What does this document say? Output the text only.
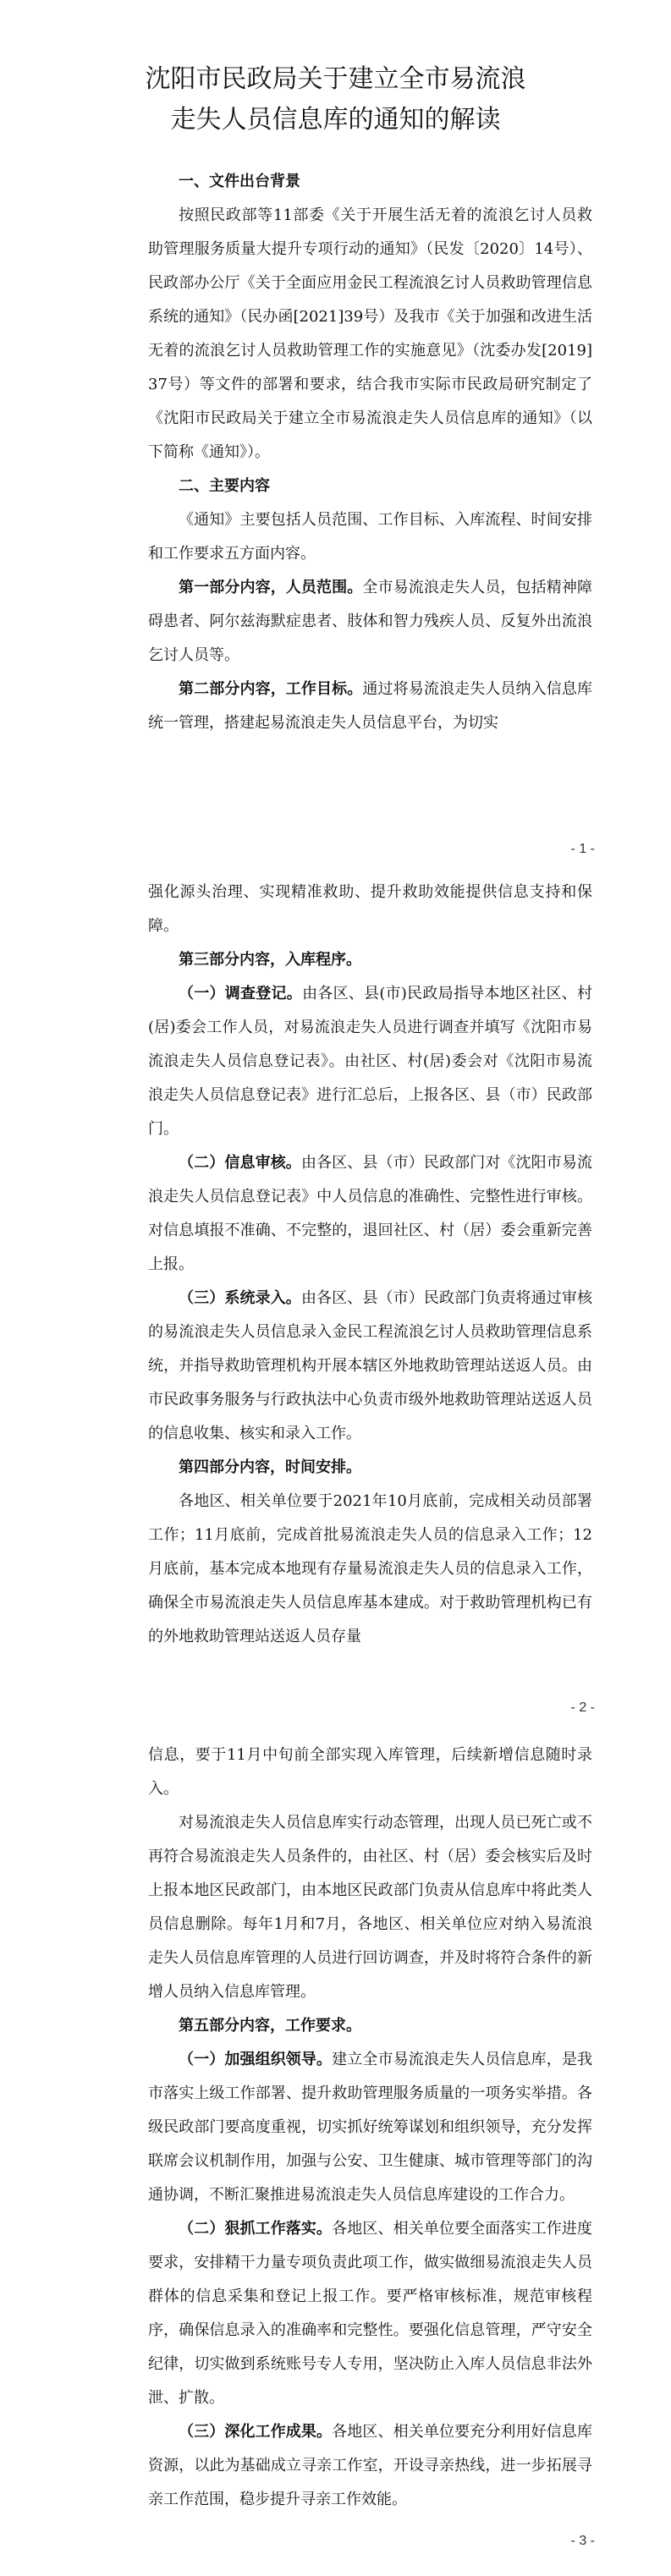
沈阳市民政局关于建立全市易流浪
走失人员信息库的通知的解读
一、文件出台背景

按照民政部等11部委《关于开展生活无着的流浪乞讨人员救助管理服务质量大提升专项行动的通知》（民发〔2020〕14号）、民政部办公厅《关于全面应用金民工程流浪乞讨人员救助管理信息系统的通知》（民办函[2021]39号）及我市《关于加强和改进生活无着的流浪乞讨人员救助管理工作的实施意见》（沈委办发[2019] 37号）等文件的部署和要求，结合我市实际市民政局研究制定了《沈阳市民政局关于建立全市易流浪走失人员信息库的通知》（以下简称《通知》）。

二、主要内容

《通知》主要包括人员范围、工作目标、入库流程、时间安排和工作要求五方面内容。

第一部分内容，人员范围。全市易流浪走失人员，包括精神障碍患者、阿尔兹海默症患者、肢体和智力残疾人员、反复外出流浪乞讨人员等。

第二部分内容，工作目标。通过将易流浪走失人员纳入信息库统一管理，搭建起易流浪走失人员信息平台，为切实

- 1 -

强化源头治理、实现精准救助、提升救助效能提供信息支持和保障。

第三部分内容，入库程序。

（一）调查登记。由各区、县(市)民政局指导本地区社区、村(居)委会工作人员，对易流浪走失人员进行调查并填写《沈阳市易流浪走失人员信息登记表》。由社区、村(居)委会对《沈阳市易流浪走失人员信息登记表》进行汇总后，上报各区、县（市）民政部门。

（二）信息审核。由各区、县（市）民政部门对《沈阳市易流浪走失人员信息登记表》中人员信息的准确性、完整性进行审核。对信息填报不准确、不完整的，退回社区、村（居）委会重新完善上报。

（三）系统录入。由各区、县（市）民政部门负责将通过审核的易流浪走失人员信息录入金民工程流浪乞讨人员救助管理信息系统，并指导救助管理机构开展本辖区外地救助管理站送返人员。由市民政事务服务与行政执法中心负责市级外地救助管理站送返人员的信息收集、核实和录入工作。

第四部分内容，时间安排。

各地区、相关单位要于2021年10月底前，完成相关动员部署工作；11月底前，完成首批易流浪走失人员的信息录入工作；12月底前，基本完成本地现有存量易流浪走失人员的信息录入工作，确保全市易流浪走失人员信息库基本建成。对于救助管理机构已有的外地救助管理站送返人员存量

- 2 -

信息，要于11月中旬前全部实现入库管理，后续新增信息随时录入。

对易流浪走失人员信息库实行动态管理，出现人员已死亡或不再符合易流浪走失人员条件的，由社区、村（居）委会核实后及时上报本地区民政部门，由本地区民政部门负责从信息库中将此类人员信息删除。每年1月和7月，各地区、相关单位应对纳入易流浪走失人员信息库管理的人员进行回访调查，并及时将符合条件的新增人员纳入信息库管理。

第五部分内容，工作要求。

（一）加强组织领导。建立全市易流浪走失人员信息库，是我市落实上级工作部署、提升救助管理服务质量的一项务实举措。各级民政部门要高度重视，切实抓好统筹谋划和组织领导，充分发挥联席会议机制作用，加强与公安、卫生健康、城市管理等部门的沟通协调，不断汇聚推进易流浪走失人员信息库建设的工作合力。

（二）狠抓工作落实。各地区、相关单位要全面落实工作进度要求，安排精干力量专项负责此项工作，做实做细易流浪走失人员群体的信息采集和登记上报工作。要严格审核标准，规范审核程序，确保信息录入的准确率和完整性。要强化信息管理，严守安全纪律，切实做到系统账号专人专用，坚决防止入库人员信息非法外泄、扩散。

（三）深化工作成果。各地区、相关单位要充分利用好信息库资源，以此为基础成立寻亲工作室，开设寻亲热线，进一步拓展寻亲工作范围，稳步提升寻亲工作效能。

- 3 -
